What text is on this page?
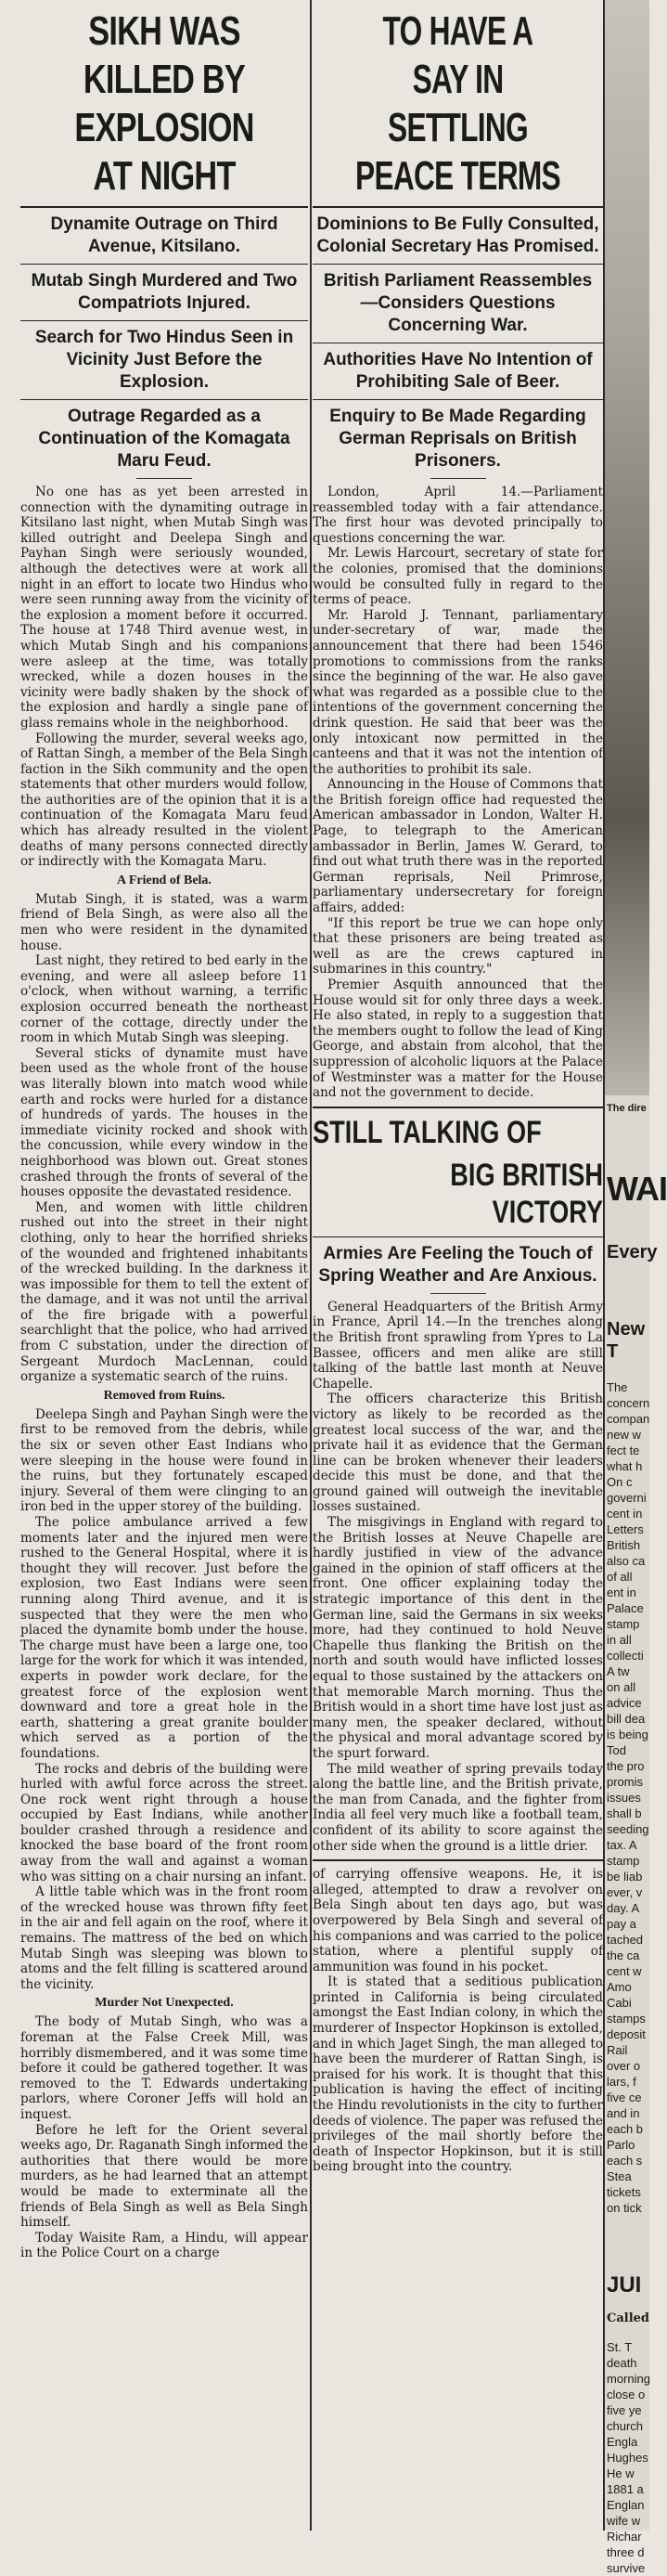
SIKH WAS KILLED BY EXPLOSION AT NIGHT
Dynamite Outrage on Third Avenue, Kitsilano.
Mutab Singh Murdered and Two Compatriots Injured.
Search for Two Hindus Seen in Vicinity Just Before the Explosion.
Outrage Regarded as a Continuation of the Komagata Maru Feud.

No one has as yet been arrested in connection with the dynamiting outrage in Kitsilano last night, when Mutab Singh was killed outright and Deelepa Singh and Payhan Singh were seriously wounded, although the detectives were at work all night in an effort to locate two Hindus who were seen running away from the vicinity of the explosion a moment before it occurred. The house at 1748 Third avenue west, in which Mutab Singh and his companions were asleep at the time, was totally wrecked, while a dozen houses in the vicinity were badly shaken by the shock of the explosion and hardly a single pane of glass remains whole in the neighborhood.

Following the murder, several weeks ago, of Rattan Singh, a member of the Bela Singh faction in the Sikh community and the open statements that other murders would follow, the authorities are of the opinion that it is a continuation of the Komagata Maru feud which has already resulted in the violent deaths of many persons connected directly or indirectly with the Komagata Maru.

A Friend of Bela.

Mutab Singh, it is stated, was a warm friend of Bela Singh, as were also all the men who were resident in the dynamited house.

Last night, they retired to bed early in the evening, and were all asleep before 11 o'clock, when without warning, a terrific explosion occurred beneath the northeast corner of the cottage, directly under the room in which Mutab Singh was sleeping.

Several sticks of dynamite must have been used as the whole front of the house was literally blown into match wood while earth and rocks were hurled for a distance of hundreds of yards. The houses in the immediate vicinity rocked and shook with the concussion, while every window in the neighborhood was blown out. Great stones crashed through the fronts of several of the houses opposite the devastated residence.

Men, and women with little children rushed out into the street in their night clothing, only to hear the horrified shrieks of the wounded and frightened inhabitants of the wrecked building. In the darkness it was impossible for them to tell the extent of the damage, and it was not until the arrival of the fire brigade with a powerful searchlight that the police, who had arrived from C substation, under the direction of Sergeant Murdoch MacLennan, could organize a systematic search of the ruins.

Removed from Ruins.

Deelepa Singh and Payhan Singh were the first to be removed from the debris, while the six or seven other East Indians who were sleeping in the house were found in the ruins, but they fortunately escaped injury. Several of them were clinging to an iron bed in the upper storey of the building.

The police ambulance arrived a few moments later and the injured men were rushed to the General Hospital, where it is thought they will recover. Just before the explosion, two East Indians were seen running along Third avenue, and it is suspected that they were the men who placed the dynamite bomb under the house. The charge must have been a large one, too large for the work for which it was intended, experts in powder work declare, for the greatest force of the explosion went downward and tore a great hole in the earth, shattering a great granite boulder which served as a portion of the foundations.

The rocks and debris of the building were hurled with awful force across the street. One rock went right through a house occupied by East Indians, while another boulder crashed through a residence and knocked the base board of the front room away from the wall and against a woman who was sitting on a chair nursing an infant.

A little table which was in the front room of the wrecked house was thrown fifty feet in the air and fell again on the roof, where it remains. The mattress of the bed on which Mutab Singh was sleeping was blown to atoms and the felt filling is scattered around the vicinity.

Murder Not Unexpected.

The body of Mutab Singh, who was a foreman at the False Creek Mill, was horribly dismembered, and it was some time before it could be gathered together. It was removed to the T. Edwards undertaking parlors, where Coroner Jeffs will hold an inquest.

Before he left for the Orient several weeks ago, Dr. Raganath Singh informed the authorities that there would be more murders, as he had learned that an attempt would be made to exterminate all the friends of Bela Singh as well as Bela Singh himself.

Today Waisite Ram, a Hindu, will appear in the Police Court on a charge

TO HAVE A SAY IN SETTLING PEACE TERMS
Dominions to Be Fully Consulted, Colonial Secretary Has Promised.
British Parliament Reassembles—Considers Questions Concerning War.
Authorities Have No Intention of Prohibiting Sale of Beer.
Enquiry to Be Made Regarding German Reprisals on British Prisoners.

London, April 14.—Parliament reassembled today with a fair attendance. The first hour was devoted principally to questions concerning the war.

Mr. Lewis Harcourt, secretary of state for the colonies, promised that the dominions would be consulted fully in regard to the terms of peace.

Mr. Harold J. Tennant, parliamentary under-secretary of war, made the announcement that there had been 1546 promotions to commissions from the ranks since the beginning of the war. He also gave what was regarded as a possible clue to the intentions of the government concerning the drink question. He said that beer was the only intoxicant now permitted in the canteens and that it was not the intention of the authorities to prohibit its sale.

Announcing in the House of Commons that the British foreign office had requested the American ambassador in London, Walter H. Page, to telegraph to the American ambassador in Berlin, James W. Gerard, to find out what truth there was in the reported German reprisals, Neil Primrose, parliamentary undersecretary for foreign affairs, added:

"If this report be true we can hope only that these prisoners are being treated as well as are the crews captured in submarines in this country."

Premier Asquith announced that the House would sit for only three days a week. He also stated, in reply to a suggestion that the members ought to follow the lead of King George, and abstain from alcohol, that the suppression of alcoholic liquors at the Palace of Westminster was a matter for the House and not the government to decide.

STILL TALKING OF
BIG BRITISH VICTORY
Armies Are Feeling the Touch of Spring Weather and Are Anxious.

General Headquarters of the British Army in France, April 14.—In the trenches along the British front sprawling from Ypres to La Bassee, officers and men alike are still talking of the battle last month at Neuve Chapelle.

The officers characterize this British victory as likely to be recorded as the greatest local success of the war, and the private hail it as evidence that the German line can be broken whenever their leaders decide this must be done, and that the ground gained will outweigh the inevitable losses sustained.

The misgivings in England with regard to the British losses at Neuve Chapelle are hardly justified in view of the advance gained in the opinion of staff officers at the front. One officer explaining today the strategic importance of this dent in the German line, said the Germans in six weeks more, had they continued to hold Neuve Chapelle thus flanking the British on the north and south would have inflicted losses equal to those sustained by the attackers on that memorable March morning. Thus the British would in a short time have lost just as many men, the speaker declared, without the physical and moral advantage scored by the spurt forward.

The mild weather of spring prevails today along the battle line, and the British private, the man from Canada, and the fighter from India all feel very much like a football team, confident of its ability to score against the other side when the ground is a little drier.

of carrying offensive weapons. He, it is alleged, attempted to draw a revolver on Bela Singh about ten days ago, but was overpowered by Bela Singh and several of his companions and was carried to the police station, where a plentiful supply of ammunition was found in his pocket.

It is stated that a seditious publication printed in California is being circulated amongst the East Indian colony, in which the murderer of Inspector Hopkinson is extolled, and in which Jaget Singh, the man alleged to have been the murderer of Rattan Singh, is praised for his work. It is thought that this publication is having the effect of inciting the Hindu revolutionists in the city to further deeds of violence. The paper was refused the privileges of the mail shortly before the death of Inspector Hopkinson, but it is still being brought into the country.

The dire
WAI
Every
New T
The
concern
compan
new w
fect te
what h
On c
governi
cent in
Letters
British
also ca
of all
ent in
Palace
stamp
in all
collecti
A tw
on all
advice
bill dea
is being
Tod
the pro
promis
issues
shall b
seeding
tax. A
stamp
be liab
ever, v
day. A
pay a
tached
the ca
cent w
Amo
Cabi
stamps
deposit
Rail
over o
lars, f
five ce
and in
each b
Parlo
each s
Stea
tickets
on tick
JUI
Called
St. T
death
morning
close o
five ye
church
Engla
Hughes
He w
1881 a
Englan
wife w
Richar
three d
survive
